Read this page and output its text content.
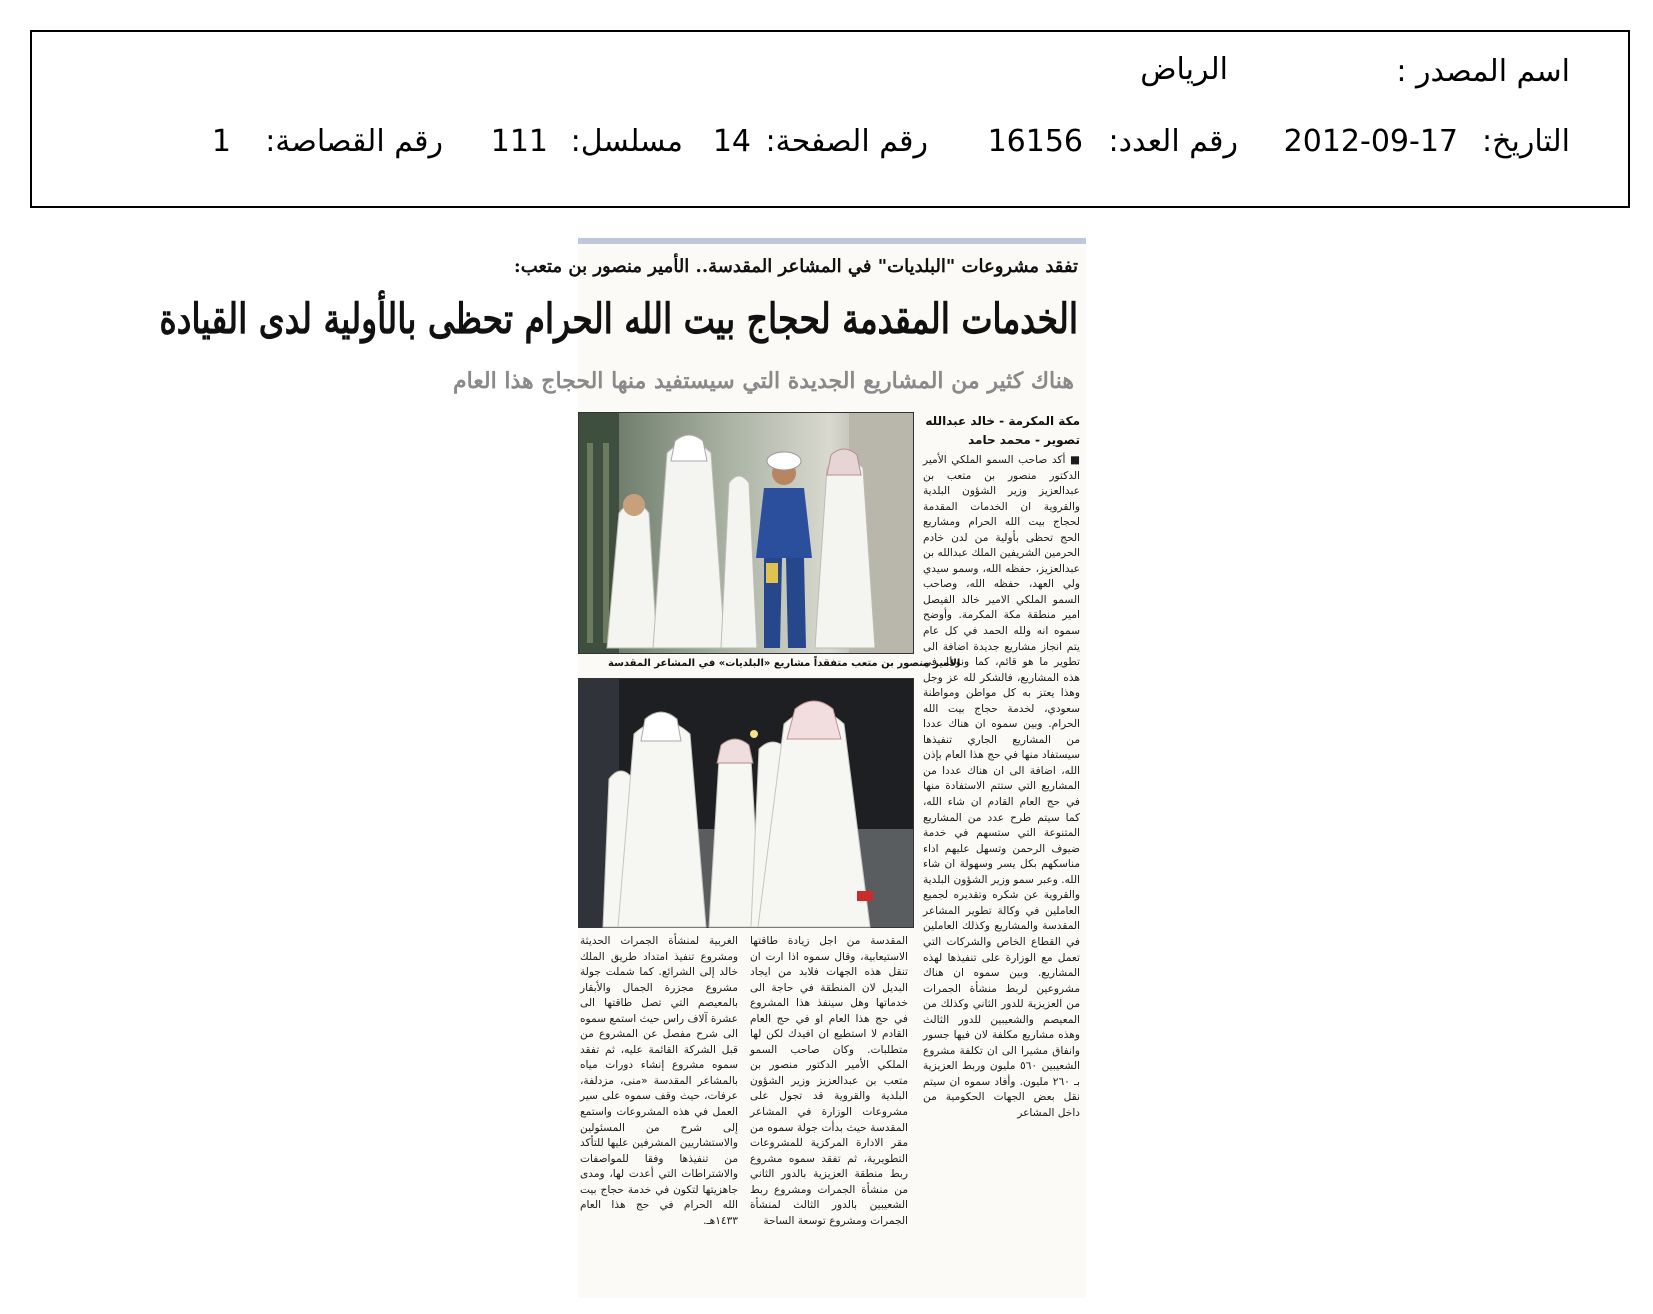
اسم المصدر :
الرياض
التاريخ:
2012-09-17
رقم العدد:
16156
رقم الصفحة:
14
مسلسل:
111
رقم القصاصة:
1
تفقد مشروعات "البلديات" في المشاعر المقدسة.. الأمير منصور بن متعب:
الخدمات المقدمة لحجاج بيت الله الحرام تحظى بالأولية لدى القيادة
هناك كثير من المشاريع الجديدة التي سيستفيد منها الحجاج هذا العام
مكة المكرمة - خالد عبدالله
تصوير - محمد حامد

■ أكد صاحب السمو الملكي الأمير الدكتور منصور بن متعب بن عبدالعزيز وزير الشؤون البلدية والقروية ان الخدمات المقدمة لحجاج بيت الله الحرام ومشاريع الحج تحظى بأولية من لدن خادم الحرمين الشريفين الملك عبدالله بن عبدالعزيز، حفظه الله، وسمو سيدي ولي العهد، حفظه الله، وصاحب السمو الملكي الامير خالد الفيصل امير منطقة مكة المكرمة. وأوضح سموه انه ولله الحمد في كل عام يتم انجاز مشاريع جديدة اضافة الى تطوير ما هو قائم، كما ونوعا، في هذه المشاريع، فالشكر لله عز وجل وهذا يعتز به كل مواطن ومواطنة سعودي، لخدمة حجاج بيت الله الحرام. وبين سموه ان هناك عددا من المشاريع الجاري تنفيذها سيستفاد منها في حج هذا العام بإذن الله، اضافة الى ان هناك عددا من المشاريع التي ستتم الاستفادة منها في حج العام القادم ان شاء الله، كما سيتم طرح عدد من المشاريع المتنوعة التي ستسهم في خدمة ضيوف الرحمن وتسهل عليهم اداء مناسكهم بكل يسر وسهولة ان شاء الله. وعبر سمو وزير الشؤون البلدية والقروية عن شكره وتقديره لجميع العاملين في وكالة تطوير المشاعر المقدسة والمشاريع وكذلك العاملين في القطاع الخاص والشركات التي تعمل مع الوزارة على تنفيذها لهذه المشاريع. وبين سموه ان هناك مشروعين لربط منشأة الجمرات من العزيزية للدور الثاني وكذلك من المعيصم والشعيبين للدور الثالث وهذه مشاريع مكلفة لان فيها جسور وانفاق مشيرا الى ان تكلفة مشروع الشعيبين ٥٦٠ مليون وربط العزيزية بـ ٢٦٠ مليون. وأفاد سموه ان سيتم نقل بعض الجهات الحكومية من داخل المشاعر

الأمير منصور بن متعب متفقداً مشاريع «البلديات» في المشاعر المقدسة

المقدسة من اجل زيادة طاقتها الاستيعابية، وقال سموه اذا ارت ان تنقل هذه الجهات فلابد من ايجاد البديل لان المنطقة في حاجة الى خدماتها وهل سينفذ هذا المشروع في حج هذا العام او في حج العام القادم لا استطيع ان افيدك لكن لها متطلبات. وكان صاحب السمو الملكي الأمير الدكتور منصور بن متعب بن عبدالعزيز وزير الشؤون البلدية والقروية قد تجول على مشروعات الوزارة في المشاعر المقدسة حيث بدأت جولة سموه من مقر الادارة المركزية للمشروعات التطويرية، ثم تفقد سموه مشروع ربط منطقة العزيزية بالدور الثاني من منشأة الجمرات ومشروع ربط الشعيبين بالدور الثالث لمنشأة الجمرات ومشروع توسعة الساحة

الغربية لمنشأة الجمرات الحديثة ومشروع تنفيذ امتداد طريق الملك خالد إلى الشرائع. كما شملت جولة مشروع مجزرة الجمال والأبقار بالمعيصم التي تصل طاقتها الى عشرة آلاف راس حيث استمع سموه الى شرح مفصل عن المشروع من قبل الشركة القائمة عليه، ثم تفقد سموه مشروع إنشاء دورات مياه بالمشاعر المقدسة «منى، مزدلفة، عرفات، حيث وقف سموه على سير العمل في هذه المشروعات واستمع إلى شرح من المسئولين والاستشاريين المشرفين عليها للتأكد من تنفيذها وفقا للمواصفات والاشتراطات التي أعدت لها، ومدى جاهزيتها لتكون في خدمة حجاج بيت الله الحرام في حج هذا العام ١٤٣٣هـ.
